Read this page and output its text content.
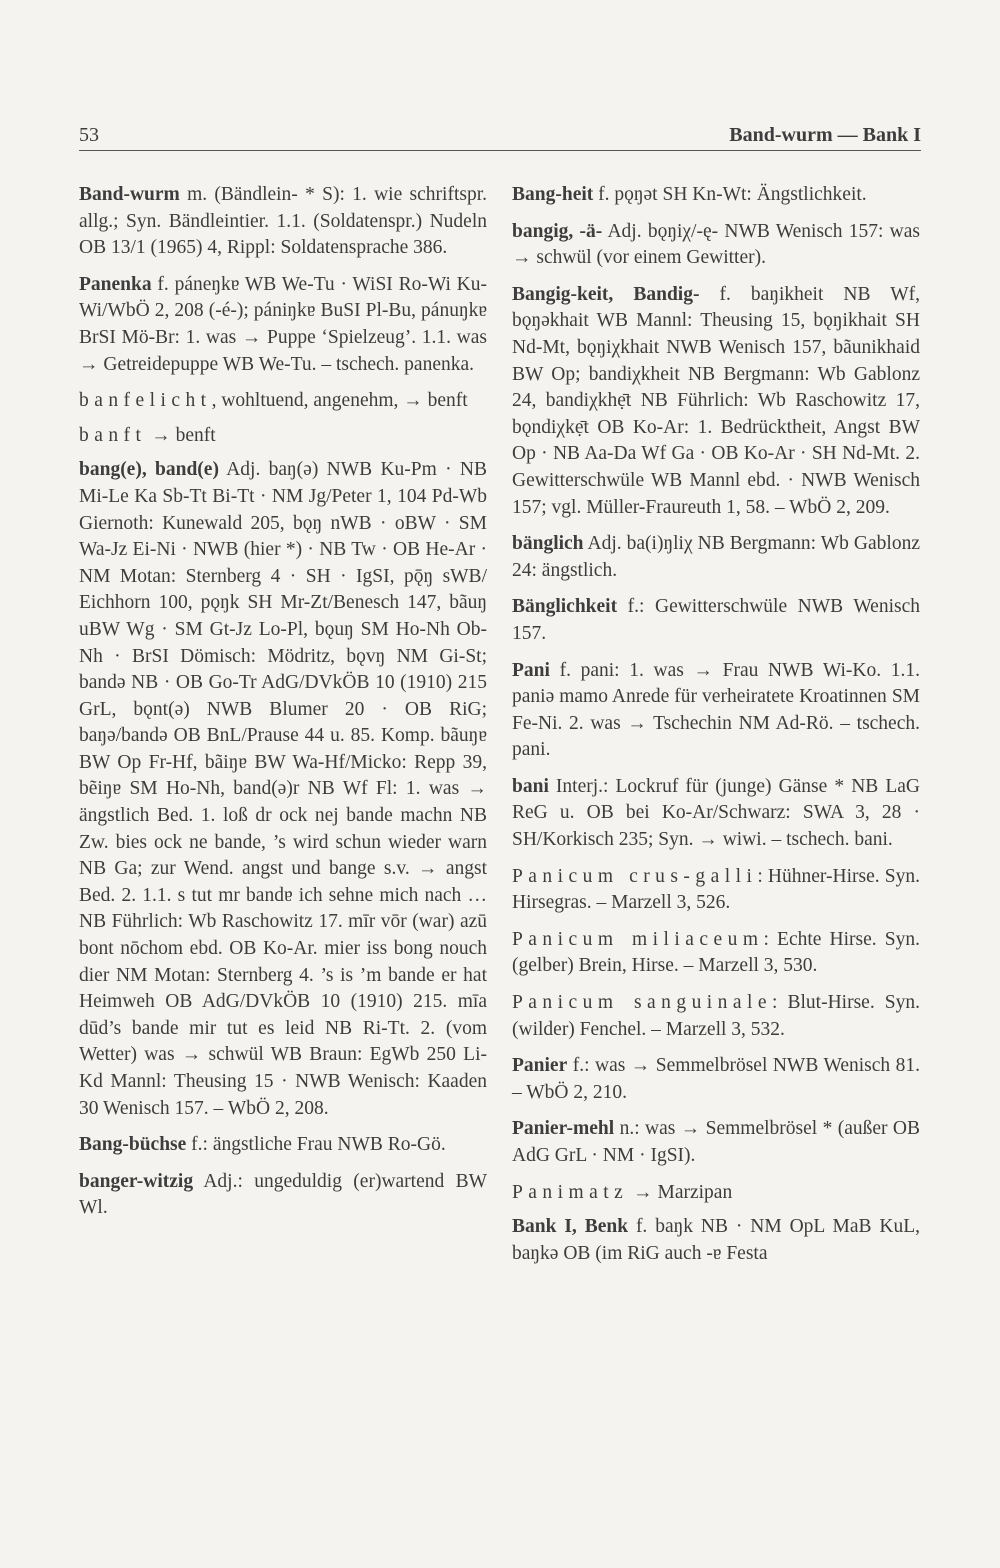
53	Band-wurm — Bank I

Band-wurm m. (Bändlein- * S): 1. wie schriftspr. allg.; Syn. Bändleintier. 1.1. (Soldatenspr.) Nudeln OB 13/1 (1965) 4, Rippl: Soldatensprache 386.

Panenka f. páneŋkɐ WB We-Tu · WiSI Ro-Wi Ku-Wi/WbÖ 2, 208 (-é-); pániŋkɐ BuSI Pl-Bu, pánuŋkɐ BrSI Mö-Br: 1. was → Puppe ‘Spielzeug’. 1.1. was → Getreidepuppe WB We-Tu. – tschech. panenka.

banfelicht, wohltuend, angenehm, → benft

banft → benft

bang(e), band(e) Adj. baŋ(ə) NWB Ku-Pm · NB Mi-Le Ka Sb-Tt Bi-Tt · NM Jg/Peter 1, 104 Pd-Wb Giernoth: Kunewald 205, bǫŋ nWB · oBW · SM Wa-Jz Ei-Ni · NWB (hier *) · NB Tw · OB He-Ar · NM Motan: Sternberg 4 · SH · IgSI, pǭŋ sWB/ Eichhorn 100, pǫŋk SH Mr-Zt/Benesch 147, bãuŋ uBW Wg · SM Gt-Jz Lo-Pl, bǫuŋ SM Ho-Nh Ob-Nh · BrSI Dömisch: Mödritz, bǫvŋ NM Gi-St; bandə NB · OB Go-Tr AdG/DVkÖB 10 (1910) 215 GrL, bǫnt(ə) NWB Blumer 20 · OB RiG; baŋə/bandə OB BnL/Prause 44 u. 85. Komp. bãuŋɐ BW Op Fr-Hf, bãiŋɐ BW Wa-Hf/Micko: Repp 39, bẽiŋɐ SM Ho-Nh, band(ə)r NB Wf Fl: 1. was → ängstlich Bed. 1. loß dr ock nej bande machn NB Zw. bies ock ne bande, ’s wird schun wieder warn NB Ga; zur Wend. angst und bange s.v. → angst Bed. 2. 1.1. s tut mr bandɐ ich sehne mich nach … NB Führlich: Wb Raschowitz 17. mīr vōr (war) azū bont nōchom ebd. OB Ko-Ar. mier iss bong nouch dier NM Motan: Sternberg 4. ’s is ’m bande er hat Heimweh OB AdG/DVkÖB 10 (1910) 215. mīa dūd’s bande mir tut es leid NB Ri-Tt. 2. (vom Wetter) was → schwül WB Braun: EgWb 250 Li-Kd Mannl: Theusing 15 · NWB Wenisch: Kaaden 30 Wenisch 157. – WbÖ 2, 208.

Bang-büchse f.: ängstliche Frau NWB Ro-Gö.

banger-witzig Adj.: ungeduldig (er)wartend BW Wl.

Bang-heit f. pǫŋət SH Kn-Wt: Ängstlichkeit.

bangig, -ä- Adj. bǫŋiχ/-ę- NWB Wenisch 157: was → schwül (vor einem Gewitter).

Bangig-keit, Bandig- f. baŋikheit NB Wf, bǫŋəkhait WB Mannl: Theusing 15, bǫŋikhait SH Nd-Mt, bǫŋiχkhait NWB Wenisch 157, bãunikhaid BW Op; bandiχkheit NB Bergmann: Wb Gablonz 24, bandiχkhẹ̄t NB Führlich: Wb Raschowitz 17, bǫndiχkẹ̄t OB Ko-Ar: 1. Bedrücktheit, Angst BW Op · NB Aa-Da Wf Ga · OB Ko-Ar · SH Nd-Mt. 2. Gewitterschwüle WB Mannl ebd. · NWB Wenisch 157; vgl. Müller-Fraureuth 1, 58. – WbÖ 2, 209.

bänglich Adj. ba(i)ŋliχ NB Bergmann: Wb Gablonz 24: ängstlich.

Bänglichkeit f.: Gewitterschwüle NWB Wenisch 157.

Pani f. pani: 1. was → Frau NWB Wi-Ko. 1.1. paniə mamo Anrede für verheiratete Kroatinnen SM Fe-Ni. 2. was → Tschechin NM Ad-Rö. – tschech. pani.

bani Interj.: Lockruf für (junge) Gänse * NB LaG ReG u. OB bei Ko-Ar/Schwarz: SWA 3, 28 · SH/Korkisch 235; Syn. → wiwi. – tschech. bani.

Panicum crus-galli: Hühner-Hirse. Syn. Hirsegras. – Marzell 3, 526.

Panicum miliaceum: Echte Hirse. Syn. (gelber) Brein, Hirse. – Marzell 3, 530.

Panicum sanguinale: Blut-Hirse. Syn. (wilder) Fenchel. – Marzell 3, 532.

Panier f.: was → Semmelbrösel NWB Wenisch 81. – WbÖ 2, 210.

Panier-mehl n.: was → Semmelbrösel * (außer OB AdG GrL · NM · IgSI).

Panimatz → Marzipan

Bank I, Benk f. baŋk NB · NM OpL MaB KuL, baŋkə OB (im RiG auch -ɐ Festa
